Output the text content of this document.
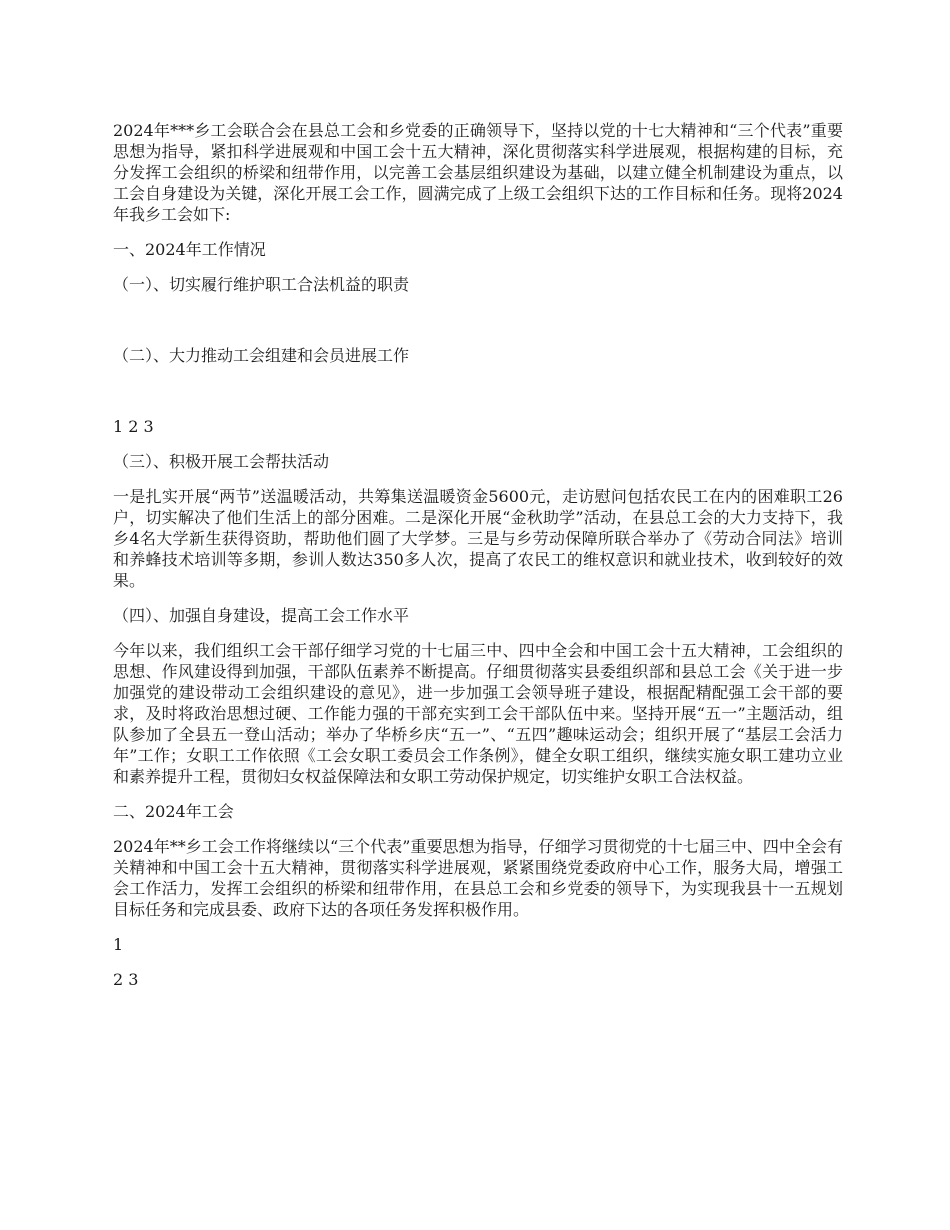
2024年***乡工会联合会在县总工会和乡党委的正确领导下，坚持以党的十七大精神和“三个代表”重要思想为指导，紧扣科学进展观和中国工会十五大精神，深化贯彻落实科学进展观，根据构建的目标，充分发挥工会组织的桥梁和纽带作用，以完善工会基层组织建设为基础，以建立健全机制建设为重点，以工会自身建设为关键，深化开展工会工作，圆满完成了上级工会组织下达的工作目标和任务。现将2024年我乡工会如下:

一、2024年工作情况

（一）、切实履行维护职工合法机益的职责

（二）、大力推动工会组建和会员进展工作

1 2 3

（三）、积极开展工会帮扶活动

一是扎实开展“两节”送温暖活动，共筹集送温暖资金5600元，走访慰问包括农民工在内的困难职工26户，切实解决了他们生活上的部分困难。二是深化开展“金秋助学”活动，在县总工会的大力支持下，我乡4名大学新生获得资助，帮助他们圆了大学梦。三是与乡劳动保障所联合举办了《劳动合同法》培训和养蜂技术培训等多期，参训人数达350多人次，提高了农民工的维权意识和就业技术，收到较好的效果。

（四）、加强自身建设，提高工会工作水平

今年以来，我们组织工会干部仔细学习党的十七届三中、四中全会和中国工会十五大精神，工会组织的思想、作风建设得到加强，干部队伍素养不断提高。仔细贯彻落实县委组织部和县总工会《关于进一步加强党的建设带动工会组织建设的意见》，进一步加强工会领导班子建设，根据配精配强工会干部的要求，及时将政治思想过硬、工作能力强的干部充实到工会干部队伍中来。坚持开展“五一”主题活动，组队参加了全县五一登山活动；举办了华桥乡庆“五一”、“五四”趣味运动会；组织开展了“基层工会活力年”工作；女职工工作依照《工会女职工委员会工作条例》，健全女职工组织，继续实施女职工建功立业和素养提升工程，贯彻妇女权益保障法和女职工劳动保护规定，切实维护女职工合法权益。

二、2024年工会

2024年**乡工会工作将继续以“三个代表”重要思想为指导，仔细学习贯彻党的十七届三中、四中全会有关精神和中国工会十五大精神，贯彻落实科学进展观，紧紧围绕党委政府中心工作，服务大局，增强工会工作活力，发挥工会组织的桥梁和纽带作用，在县总工会和乡党委的领导下，为实现我县十一五规划目标任务和完成县委、政府下达的各项任务发挥积极作用。

1

2 3
